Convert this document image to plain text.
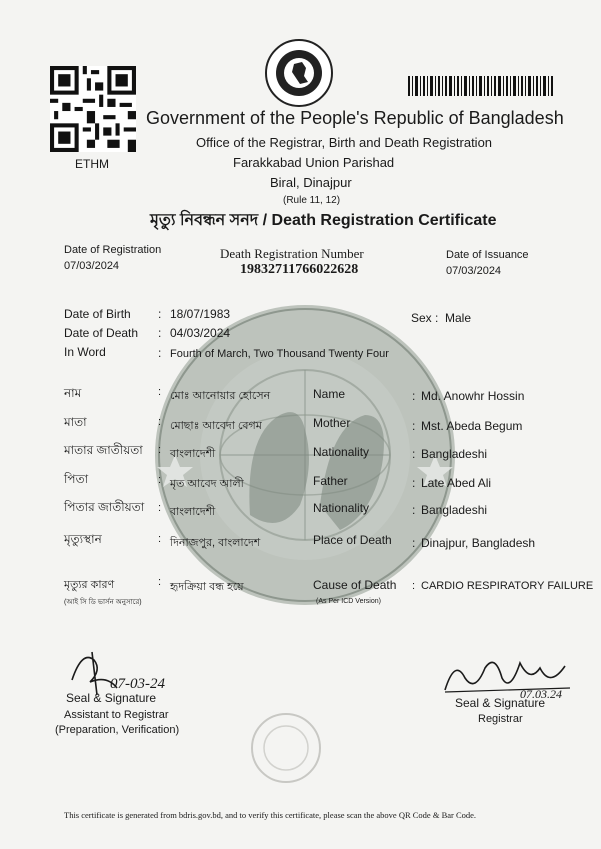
ETHM
Government of the People's Republic of Bangladesh
Office of the Registrar, Birth and Death Registration
Farakkabad Union Parishad
Biral, Dinajpur
(Rule 11, 12)
মৃত্যু নিবন্ধন সনদ / Death Registration Certificate
Date of Registration
07/03/2024
Death Registration Number
19832711766022628
Date of Issuance
07/03/2024
Date of Birth : 18/07/1983	Sex : Male
Date of Death : 04/03/2024
In Word	: Fourth of March, Two Thousand Twenty Four
নাম	: মোঃ আনোয়ার হোসেন	Name	: Md. Anowhr Hossin
মাতা	: মোছাঃ আবেদা বেগম	Mother	: Mst. Abeda Begum
মাতার জাতীয়তা : বাংলাদেশী	Nationality	: Bangladeshi
পিতা	: মৃত আবেদ আলী	Father	: Late Abed Ali
পিতার জাতীয়তা : বাংলাদেশী	Nationality	: Bangladeshi
মৃত্যুস্থান	: দিনাজপুর, বাংলাদেশ	Place of Death : Dinajpur, Bangladesh
মৃত্যুর কারণ
(আই সি ডি ভার্সন অনুসারে)
: হৃদক্রিয়া বন্ধ হয়ে	Cause of Death
(As Per ICD Version)
: CARDIO RESPIRATORY FAILURE
07-03-24
Seal & Signature
Assistant to Registrar
(Preparation, Verification)
07.03.24
Seal & Signature
Registrar
This certificate is generated from bdris.gov.bd, and to verify this certificate, please scan the above QR Code & Bar Code.
